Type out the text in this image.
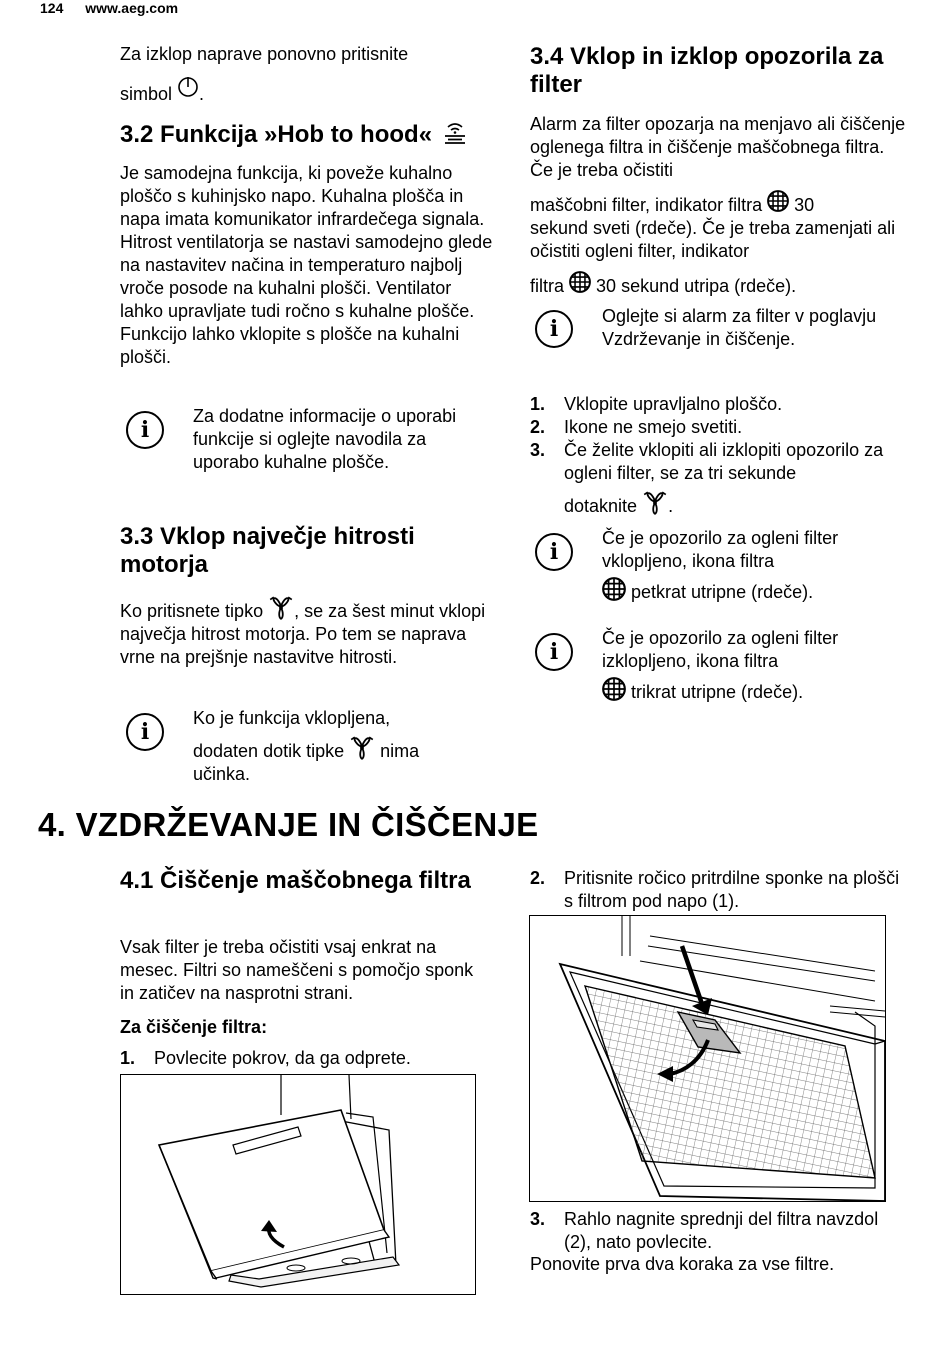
124 www.aeg.com
Za izklop naprave ponovno pritisnite
simbol .
3.2 Funkcija »Hob to hood«

Je samodejna funkcija, ki poveže kuhalno ploščo s kuhinjsko napo. Kuhalna plošča in napa imata komunikator infrardečega signala. Hitrost ventilatorja se nastavi samodejno glede na nastavitev načina in temperaturo najbolj vroče posode na kuhalni plošči. Ventilator lahko upravljate tudi ročno s kuhalne plošče. Funkcijo lahko vklopite s plošče na kuhalni plošči.

i
Za dodatne informacije o uporabi funkcije si oglejte navodila za uporabo kuhalne plošče.
3.3 Vklop največje hitrosti motorja
Ko pritisnete tipko , se za šest minut vklopi največja hitrost motorja. Po tem se naprava vrne na prejšnje nastavitve hitrosti.
i
Ko je funkcija vklopljena,
dodaten dotik tipke nima
učinka.
3.4 Vklop in izklop opozorila za filter
Alarm za filter opozarja na menjavo ali čiščenje oglenega filtra in čiščenje maščobnega filtra. Če je treba očistiti
maščobni filter, indikator filtra 30
sekund sveti (rdeče). Če je treba zamenjati ali očistiti ogleni filter, indikator
filtra 30 sekund utripa (rdeče).
i	Oglejte si alarm za filter v poglavju Vzdrževanje in čiščenje.
1. Vklopite upravljalno ploščo.
2. Ikone ne smejo svetiti.
3. Če želite vklopiti ali izklopiti opozorilo za ogleni filter, se za tri sekunde
dotaknite .
i
Če je opozorilo za ogleni filter vklopljeno, ikona filtra
petkrat utripne (rdeče).
i
Če je opozorilo za ogleni filter izklopljeno, ikona filtra
trikrat utripne (rdeče).
4. VZDRŽEVANJE IN ČIŠČENJE
4.1 Čiščenje maščobnega filtra

Vsak filter je treba očistiti vsaj enkrat na mesec. Filtri so nameščeni s pomočjo sponk in zatičev na nasprotni strani.

Za čiščenje filtra:
1. Povlecite pokrov, da ga odprete.
2. Pritisnite ročico pritrdilne sponke na plošči s filtrom pod napo (1).
3. Rahlo nagnite sprednji del filtra navzdol (2), nato povlecite.
Ponovite prva dva koraka za vse filtre.
